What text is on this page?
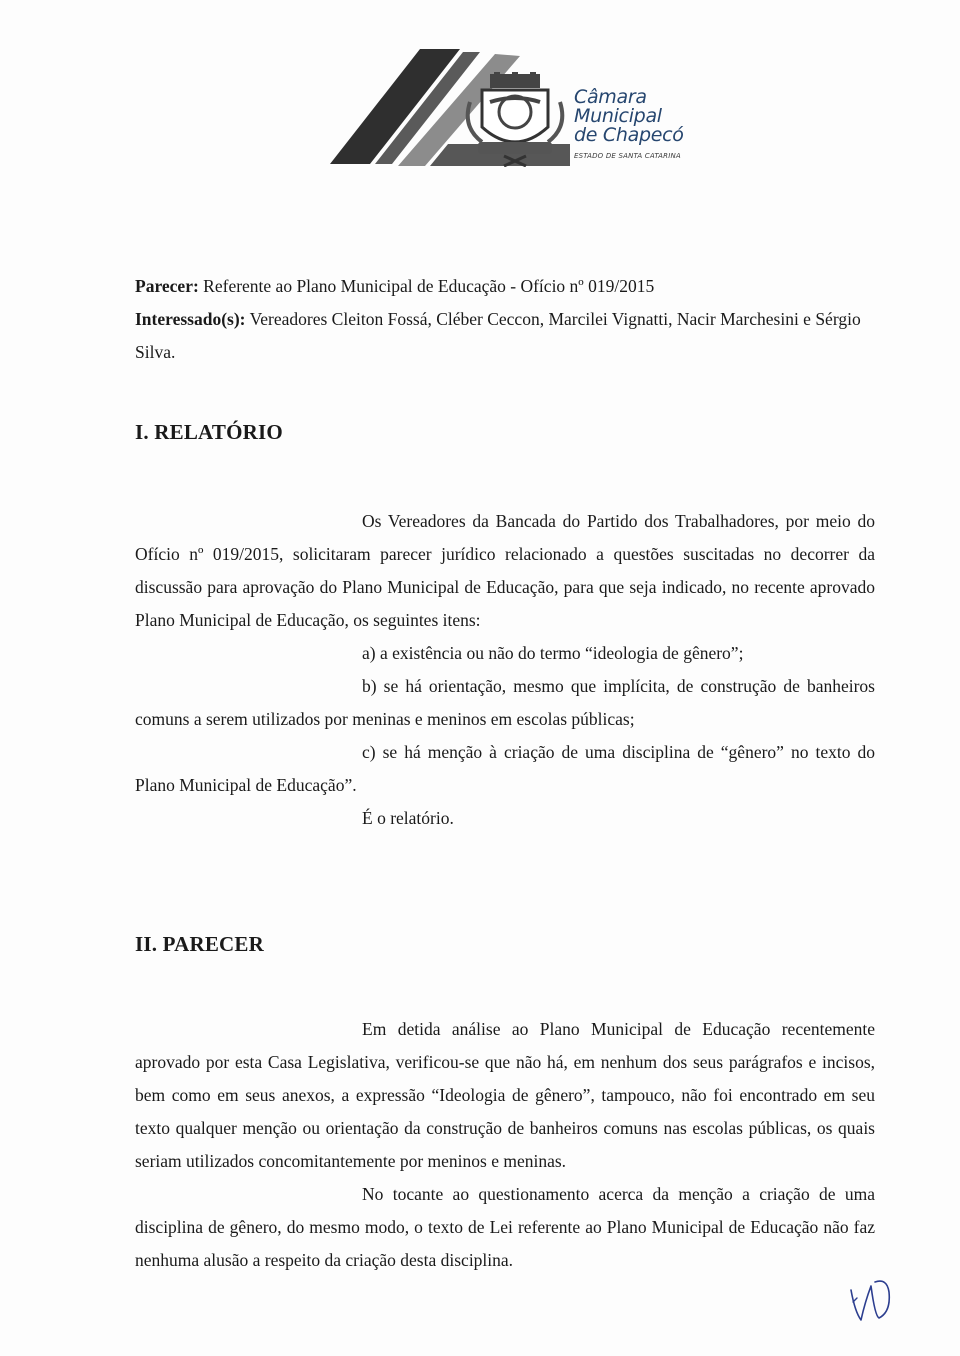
Câmara
Municipal
de Chapecó
ESTADO DE SANTA CATARINA

Parecer: Referente ao Plano Municipal de Educação - Ofício nº 019/2015

Interessado(s): Vereadores Cleiton Fossá, Cléber Ceccon, Marcilei Vignatti, Nacir Marchesini e Sérgio Silva.

I. RELATÓRIO

Os Vereadores da Bancada do Partido dos Trabalhadores, por meio do Ofício nº 019/2015, solicitaram parecer jurídico relacionado a questões suscitadas no decorrer da discussão para aprovação do Plano Municipal de Educação, para que seja indicado, no recente aprovado Plano Municipal de Educação, os seguintes itens:

a) a existência ou não do termo “ideologia de gênero”;

b) se há orientação, mesmo que implícita, de construção de banheiros comuns a serem utilizados por meninas e meninos em escolas públicas;

c) se há menção à criação de uma disciplina de “gênero” no texto do Plano Municipal de Educação”.

É o relatório.

II. PARECER

Em detida análise ao Plano Municipal de Educação recentemente aprovado por esta Casa Legislativa, verificou-se que não há, em nenhum dos seus parágrafos e incisos, bem como em seus anexos, a expressão “Ideologia de gênero”, tampouco, não foi encontrado em seu texto qualquer menção ou orientação da construção de banheiros comuns nas escolas públicas, os quais seriam utilizados concomitantemente por meninos e meninas.

No tocante ao questionamento acerca da menção a criação de uma disciplina de gênero, do mesmo modo, o texto de Lei referente ao Plano Municipal de Educação não faz nenhuma alusão a respeito da criação desta disciplina.
